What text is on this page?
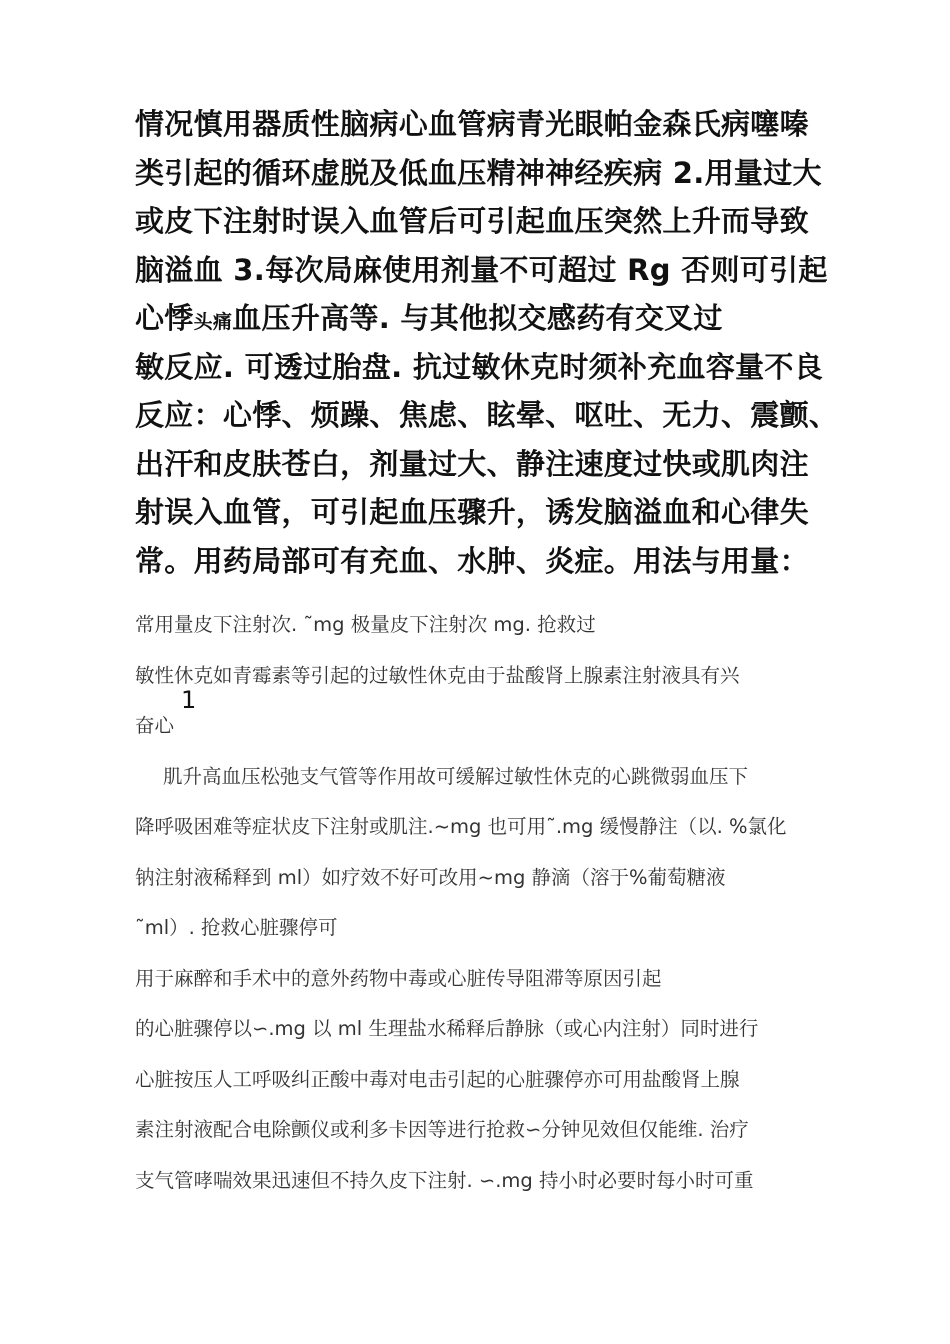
情况慎用器质性脑病心血管病青光眼帕金森氏病噻嗪
类引起的循环虚脱及低血压精神神经疾病 2.用量过大
或皮下注射时误入血管后可引起血压突然上升而导致
脑溢血 3.每次局麻使用剂量不可超过 Rg 否则可引起
心悸头痛血压升高等. 与其他拟交感药有交叉过
敏反应. 可透过胎盘. 抗过敏休克时须补充血容量不良
反应：心悸、烦躁、焦虑、眩晕、呕吐、无力、震颤、
出汗和皮肤苍白，剂量过大、静注速度过快或肌肉注
射误入血管，可引起血压骤升，诱发脑溢血和心律失
常。用药局部可有充血、水肿、炎症。用法与用量：
常用量皮下注射次. ˜mg 极量皮下注射次 mg. 抢救过
敏性休克如青霉素等引起的过敏性休克由于盐酸肾上腺素注射液具有兴
奋心
肌升高血压松弛支气管等作用故可缓解过敏性休克的心跳微弱血压下
降呼吸困难等症状皮下注射或肌注.~mg 也可用˜.mg 缓慢静注（以. %氯化
钠注射液稀释到 ml）如疗效不好可改用~mg 静滴（溶于%葡萄糖液
˜ml）. 抢救心脏骤停可
用于麻醉和手术中的意外药物中毒或心脏传导阻滞等原因引起
的心脏骤停以∽.mg 以 ml 生理盐水稀释后静脉（或心内注射）同时进行
心脏按压人工呼吸纠正酸中毒对电击引起的心脏骤停亦可用盐酸肾上腺
素注射液配合电除颤仪或利多卡因等进行抢救∽分钟见效但仅能维. 治疗
支气管哮喘效果迅速但不持久皮下注射. ∽.mg 持小时必要时每小时可重
1
